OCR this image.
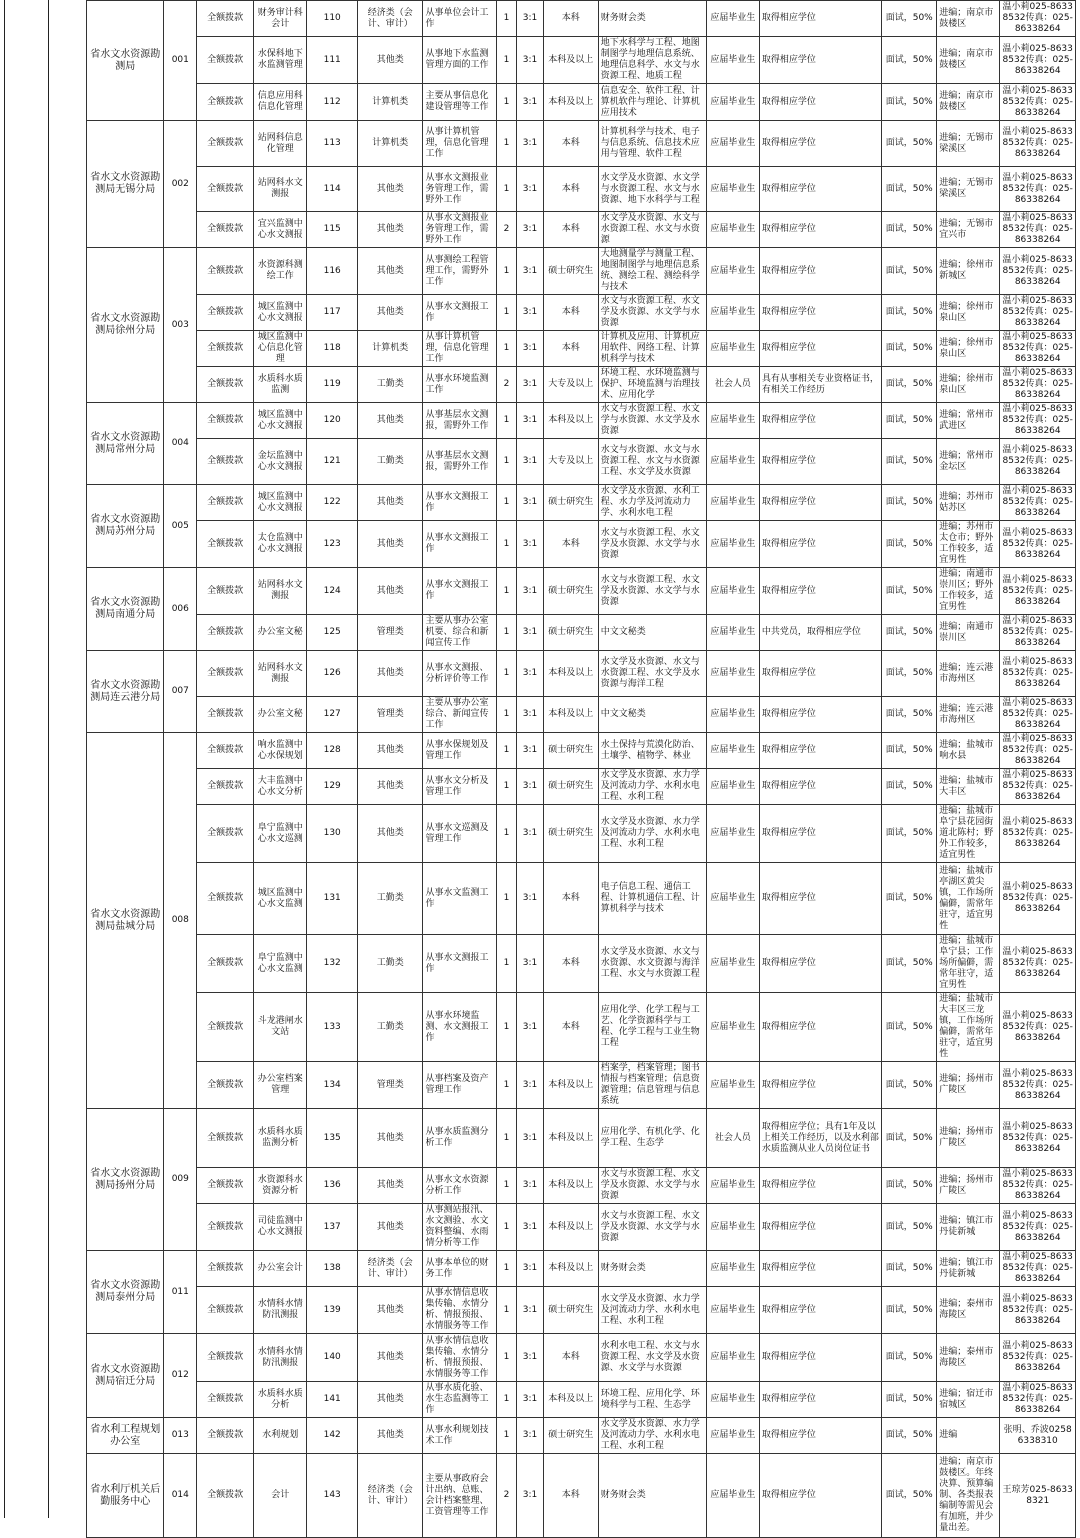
省水文水资源勘测局	001	全额拨款	财务审计科会计	110	经济类（会计、审计）	从事单位会计工作	1	3:1	本科	财务财会类	应届毕业生	取得相应学位	面试，50%	进编；南京市鼓楼区	温小莉025-86338532传真：025-86338264
		全额拨款	水保科地下水监测管理	111	其他类	从事地下水监测管理方面的工作	1	3:1	本科及以上	地下水科学与工程、地图制图学与地理信息系统、地理信息科学、水文与水资源工程、地质工程	应届毕业生	取得相应学位	面试，50%	进编；南京市鼓楼区	温小莉025-86338532传真：025-86338264
		全额拨款	信息应用科信息化管理	112	计算机类	主要从事信息化建设管理等工作	1	3:1	本科及以上	信息安全、软件工程、计算机软件与理论、计算机应用技术	应届毕业生	取得相应学位	面试，50%	进编；南京市鼓楼区	温小莉025-86338532传真：025-86338264
省水文水资源勘测局无锡分局	002	全额拨款	站网科信息化管理	113	计算机类	从事计算机管理，信息化管理工作	1	3:1	本科	计算机科学与技术、电子与信息系统、信息技术应用与管理、软件工程	应届毕业生	取得相应学位	面试，50%	进编；无锡市梁溪区	温小莉025-86338532传真：025-86338264
		全额拨款	站网科水文测报	114	其他类	从事水文测报业务管理工作，需野外工作	1	3:1	本科	水文学及水资源、水文学与水资源工程、水文与水资源、地下水科学与工程	应届毕业生	取得相应学位	面试，50%	进编；无锡市梁溪区	温小莉025-86338532传真：025-86338264
		全额拨款	宜兴监测中心水文测报	115	其他类	从事水文测报业务管理工作，需野外工作	2	3:1	本科	水文学及水资源、水文与水资源工程、水文与水资源	应届毕业生	取得相应学位	面试，50%	进编；无锡市宜兴市	温小莉025-86338532传真：025-86338264
省水文水资源勘测局徐州分局	003	全额拨款	水资源科测绘工作	116	其他类	从事测绘工程管理工作，需野外工作	1	3:1	硕士研究生	大地测量学与测量工程、地图制图学与地理信息系统、测绘工程、测绘科学与技术	应届毕业生	取得相应学位	面试，50%	进编；徐州市新城区	温小莉025-86338532传真：025-86338264
		全额拨款	城区监测中心水文测报	117	其他类	从事水文测报工作	1	3:1	本科	水文与水资源工程、水文学及水资源、水文学与水资源	应届毕业生	取得相应学位	面试，50%	进编；徐州市泉山区	温小莉025-86338532传真：025-86338264
		全额拨款	城区监测中心信息化管理	118	计算机类	从事计算机管理，信息化管理工作	1	3:1	本科	计算机及应用、计算机应用软件、网络工程、计算机科学与技术	应届毕业生	取得相应学位	面试，50%	进编；徐州市泉山区	温小莉025-86338532传真：025-86338264
		全额拨款	水质科水质监测	119	工勤类	从事水环境监测工作	2	3:1	大专及以上	环境工程、水环境监测与保护、环境监测与治理技术、应用化学	社会人员	具有从事相关专业资格证书，有相关工作经历	面试，50%	进编；徐州市泉山区	温小莉025-86338532传真：025-86338264
省水文水资源勘测局常州分局	004	全额拨款	城区监测中心水文测报	120	其他类	从事基层水文测报，需野外工作	1	3:1	本科及以上	水文与水资源工程、水文学与水资源、水文学及水资源	应届毕业生	取得相应学位	面试，50%	进编；常州市武进区	温小莉025-86338532传真：025-86338264
		全额拨款	金坛监测中心水文测报	121	工勤类	从事基层水文测报，需野外工作	1	3:1	大专及以上	水文与水资源、水文与水资源工程、水文与水资源工程、水文学及水资源	应届毕业生	取得相应学位	面试，50%	进编；常州市金坛区	温小莉025-86338532传真：025-86338264
省水文水资源勘测局苏州分局	005	全额拨款	城区监测中心水文测报	122	其他类	从事水文测报工作	1	3:1	硕士研究生	水文学及水资源、水利工程、水力学及河流动力学、水利水电工程	应届毕业生	取得相应学位	面试，50%	进编；苏州市姑苏区	温小莉025-86338532传真：025-86338264
		全额拨款	太仓监测中心水文测报	123	其他类	从事水文测报工作	1	3:1	本科	水文与水资源工程、水文学及水资源、水文学与水资源	应届毕业生	取得相应学位	面试，50%	进编；苏州市太仓市；野外工作较多，适宜男性	温小莉025-86338532传真：025-86338264
省水文水资源勘测局南通分局	006	全额拨款	站网科水文测报	124	其他类	从事水文测报工作	1	3:1	硕士研究生	水文与水资源工程、水文学及水资源、水文学与水资源	应届毕业生	取得相应学位	面试，50%	进编；南通市崇川区；野外工作较多，适宜男性	温小莉025-86338532传真：025-86338264
		全额拨款	办公室文秘	125	管理类	主要从事办公室机要、综合和新闻宣传工作	1	3:1	硕士研究生	中文文秘类	应届毕业生	中共党员，取得相应学位	面试，50%	进编；南通市崇川区	温小莉025-86338532传真：025-86338264
省水文水资源勘测局连云港分局	007	全额拨款	站网科水文测报	126	其他类	从事水文测报、分析评价等工作	1	3:1	本科及以上	水文学及水资源、水文与水资源工程、水文学及水资源与海洋工程	应届毕业生	取得相应学位	面试，50%	进编；连云港市海州区	温小莉025-86338532传真：025-86338264
		全额拨款	办公室文秘	127	管理类	主要从事办公室综合、新闻宣传工作	1	3:1	本科及以上	中文文秘类	应届毕业生	取得相应学位	面试，50%	进编；连云港市海州区	温小莉025-86338532传真：025-86338264
省水文水资源勘测局盐城分局	008	全额拨款	响水监测中心水保规划	128	其他类	从事水保规划及管理工作	1	3:1	硕士研究生	水土保持与荒漠化防治、土壤学、植物学、林业	应届毕业生	取得相应学位	面试，50%	进编；盐城市响水县	温小莉025-86338532传真：025-86338264
		全额拨款	大丰监测中心水文分析	129	其他类	从事水文分析及管理工作	1	3:1	硕士研究生	水文学及水资源、水力学及河流动力学、水利水电工程、水利工程	应届毕业生	取得相应学位	面试，50%	进编；盐城市大丰区	温小莉025-86338532传真：025-86338264
		全额拨款	阜宁监测中心水文巡测	130	其他类	从事水文巡测及管理工作	1	3:1	硕士研究生	水文学及水资源、水力学及河流动力学、水利水电工程、水利工程	应届毕业生	取得相应学位	面试，50%	进编；盐城市阜宁县花园街道北陈村；野外工作较多，适宜男性	温小莉025-86338532传真：025-86338264
		全额拨款	城区监测中心水文监测	131	工勤类	从事水文监测工作	1	3:1	本科	电子信息工程、通信工程、计算机通信工程、计算机科学与技术	应届毕业生	取得相应学位	面试，50%	进编；盐城市亭湖区黄尖镇，工作场所偏僻，需常年驻守，适宜男性	温小莉025-86338532传真：025-86338264
		全额拨款	阜宁监测中心水文监测	132	工勤类	从事水文测报工作	1	3:1	本科	水文学及水资源、水文与水资源、水文资源与海洋工程、水文与水资源工程	应届毕业生	取得相应学位	面试，50%	进编；盐城市阜宁县；工作场所偏僻，需常年驻守，适宜男性	温小莉025-86338532传真：025-86338264
		全额拨款	斗龙港闸水文站	133	工勤类	从事水环境监测、水文测报工作	1	3:1	本科	应用化学、化学工程与工艺、化学资源科学与工程、化学工程与工业生物工程	应届毕业生	取得相应学位	面试，50%	进编；盐城市大丰区三龙镇，工作场所偏僻，需常年驻守，适宜男性	温小莉025-86338532传真：025-86338264
		全额拨款	办公室档案管理	134	管理类	从事档案及资产管理工作	1	3:1	本科及以上	档案学，档案管理；图书情报与档案管理；信息资源管理；信息管理与信息系统	应届毕业生	取得相应学位	面试，50%	进编；扬州市广陵区	温小莉025-86338532传真：025-86338264
省水文水资源勘测局扬州分局	009	全额拨款	水质科水质监测分析	135	其他类	从事水质监测分析工作	1	3:1	本科及以上	应用化学、有机化学、化学工程、生态学	社会人员	取得相应学位；具有1年及以上相关工作经历，以及水利部水质监测从业人员岗位证书	面试，50%	进编；扬州市广陵区	温小莉025-86338532传真：025-86338264
		全额拨款	水资源科水资源分析	136	其他类	从事水文水资源分析工作	1	3:1	本科及以上	水文与水资源工程、水文学及水资源、水文学与水资源	应届毕业生	取得相应学位	面试，50%	进编；扬州市广陵区	温小莉025-86338532传真：025-86338264
		全额拨款	司徒监测中心水文测报	137	其他类	从事测站报汛、水文测验、水文资料整编、水雨情分析等工作	1	3:1	本科及以上	水文与水资源工程、水文学及水资源、水文学与水资源	应届毕业生	取得相应学位	面试，50%	进编；镇江市丹徒新城	温小莉025-86338532传真：025-86338264
省水文水资源勘测局泰州分局	011	全额拨款	办公室会计	138	经济类（会计、审计）	从事本单位的财务工作	1	3:1	本科及以上	财务财会类	应届毕业生	取得相应学位	面试，50%	进编；镇江市丹徒新城	温小莉025-86338532传真：025-86338264
		全额拨款	水情科水情防汛测报	139	其他类	从事水情信息收集传输、水情分析、情报预报、水情服务等工作	1	3:1	硕士研究生	水文学及水资源、水力学及河流动力学、水利水电工程、水利工程	应届毕业生	取得相应学位	面试，50%	进编；泰州市海陵区	温小莉025-86338532传真：025-86338264
省水文水资源勘测局宿迁分局	012	全额拨款	水情科水情防汛测报	140	其他类	从事水情信息收集传输、水情分析、情报预报、水情服务等工作	1	3:1	本科	水利水电工程、水文与水资源工程、水文学及水资源、水文学与水资源	应届毕业生	取得相应学位	面试，50%	进编；泰州市海陵区	温小莉025-86338532传真：025-86338264
		全额拨款	水质科水质分析	141	其他类	从事水质化验、水生态监测等工作	1	3:1	本科及以上	环境工程、应用化学、环境科学与工程、生态学	应届毕业生	取得相应学位	面试，50%	进编；宿迁市宿城区	温小莉025-86338532传真：025-86338264
省水利工程规划办公室	013	全额拨款	水利规划	142	其他类	从事水利规划技术工作	1	3:1	硕士研究生	水文学及水资源、水力学及河流动力学、水利水电工程、水利工程	应届毕业生	取得相应学位	面试，50%	进编	张明、乔波02586338310
省水利厅机关后勤服务中心	014	全额拨款	会计	143	经济类（会计、审计）	主要从事政府会计出纳、总账、会计档案整理、工资管理等工作	2	3:1	本科	财务财会类	应届毕业生	取得相应学位	面试，50%	进编；南京市鼓楼区。年终决算、预算编制、各类报表编制等需见会有加班，并少量出差。	王琼芳025-86338321
